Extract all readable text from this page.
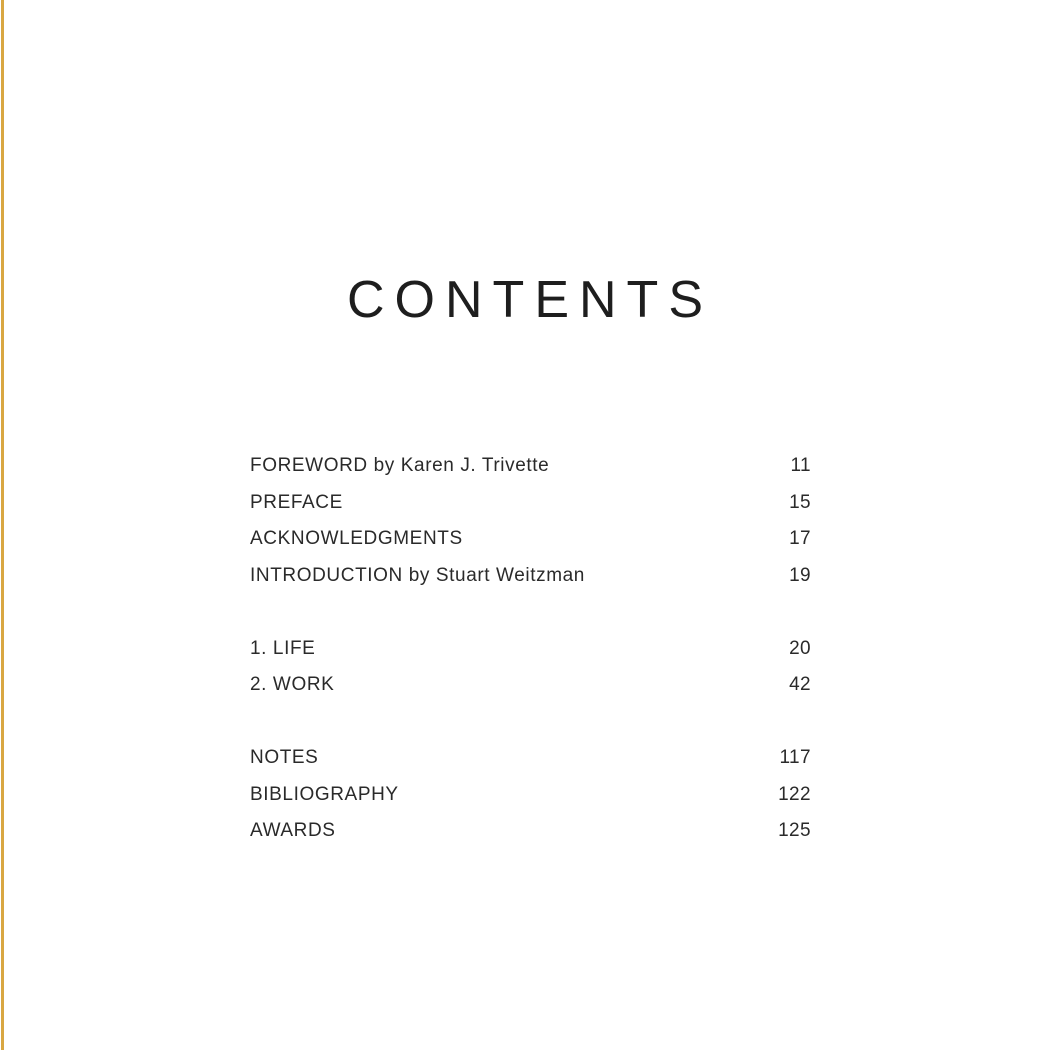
CONTENTS
FOREWORD by Karen J. Trivette	11
PREFACE	15
ACKNOWLEDGMENTS	17
INTRODUCTION by Stuart Weitzman	19
1. LIFE	20
2. WORK	42
NOTES	117
BIBLIOGRAPHY	122
AWARDS	125
